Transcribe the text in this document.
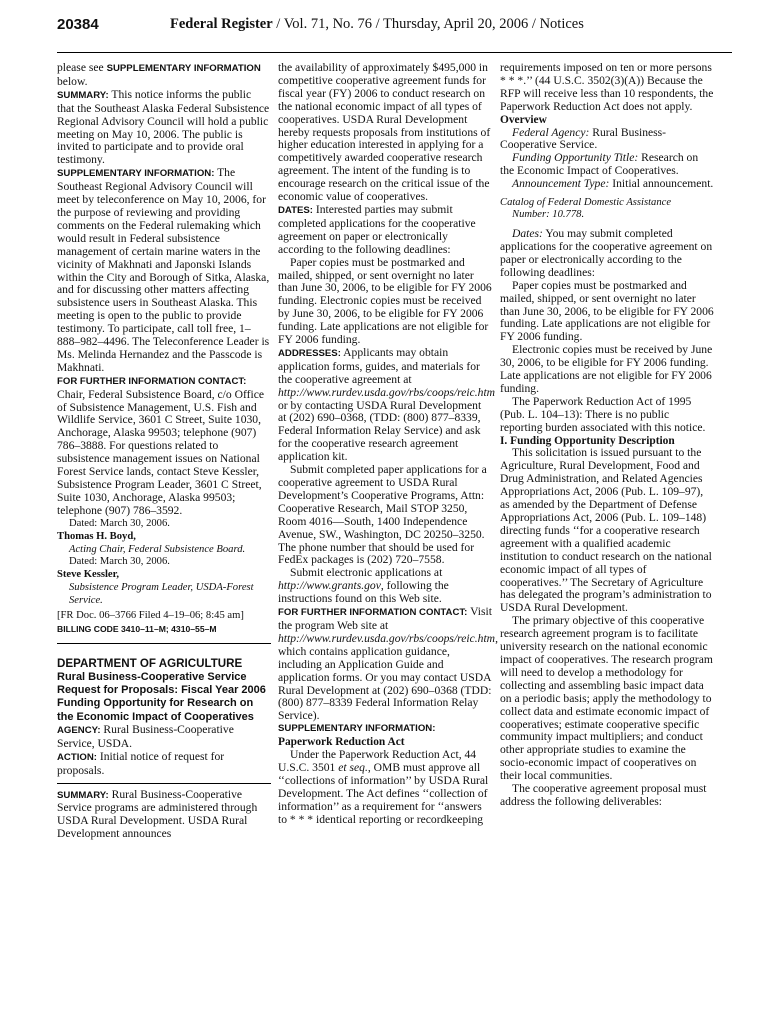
20384	Federal Register / Vol. 71, No. 76 / Thursday, April 20, 2006 / Notices

please see SUPPLEMENTARY INFORMATION below.

SUMMARY: This notice informs the public that the Southeast Alaska Federal Subsistence Regional Advisory Council will hold a public meeting on May 10, 2006. The public is invited to participate and to provide oral testimony.

SUPPLEMENTARY INFORMATION: The Southeast Regional Advisory Council will meet by teleconference on May 10, 2006, for the purpose of reviewing and providing comments on the Federal rulemaking which would result in Federal subsistence management of certain marine waters in the vicinity of Makhnati and Japonski Islands within the City and Borough of Sitka, Alaska, and for discussing other matters affecting subsistence users in Southeast Alaska. This meeting is open to the public to provide testimony. To participate, call toll free, 1–888–982–4496. The Teleconference Leader is Ms. Melinda Hernandez and the Passcode is Makhnati.

FOR FURTHER INFORMATION CONTACT: Chair, Federal Subsistence Board, c/o Office of Subsistence Management, U.S. Fish and Wildlife Service, 3601 C Street, Suite 1030, Anchorage, Alaska 99503; telephone (907) 786–3888. For questions related to subsistence management issues on National Forest Service lands, contact Steve Kessler, Subsistence Program Leader, 3601 C Street, Suite 1030, Anchorage, Alaska 99503; telephone (907) 786–3592.

Dated: March 30, 2006.

Thomas H. Boyd,

Acting Chair, Federal Subsistence Board.

Dated: March 30, 2006.

Steve Kessler,

Subsistence Program Leader, USDA-Forest Service.

[FR Doc. 06–3766 Filed 4–19–06; 8:45 am]

BILLING CODE 3410–11–M; 4310–55–M

DEPARTMENT OF AGRICULTURE

Rural Business-Cooperative Service

Request for Proposals: Fiscal Year 2006 Funding Opportunity for Research on the Economic Impact of Cooperatives

AGENCY: Rural Business-Cooperative Service, USDA.

ACTION: Initial notice of request for proposals.

SUMMARY: Rural Business-Cooperative Service programs are administered through USDA Rural Development. USDA Rural Development announces

the availability of approximately $495,000 in competitive cooperative agreement funds for fiscal year (FY) 2006 to conduct research on the national economic impact of all types of cooperatives. USDA Rural Development hereby requests proposals from institutions of higher education interested in applying for a competitively awarded cooperative research agreement. The intent of the funding is to encourage research on the critical issue of the economic value of cooperatives.

DATES: Interested parties may submit completed applications for the cooperative agreement on paper or electronically according to the following deadlines:

Paper copies must be postmarked and mailed, shipped, or sent overnight no later than June 30, 2006, to be eligible for FY 2006 funding. Electronic copies must be received by June 30, 2006, to be eligible for FY 2006 funding. Late applications are not eligible for FY 2006 funding.

ADDRESSES: Applicants may obtain application forms, guides, and materials for the cooperative agreement at http://www.rurdev.usda.gov/rbs/coops/reic.htm or by contacting USDA Rural Development at (202) 690–0368, (TDD: (800) 877–8339, Federal Information Relay Service) and ask for the cooperative research agreement application kit.

Submit completed paper applications for a cooperative agreement to USDA Rural Development’s Cooperative Programs, Attn: Cooperative Research, Mail STOP 3250, Room 4016—South, 1400 Independence Avenue, SW., Washington, DC 20250–3250. The phone number that should be used for FedEx packages is (202) 720–7558.

Submit electronic applications at http://www.grants.gov, following the instructions found on this Web site.

FOR FURTHER INFORMATION CONTACT: Visit the program Web site at http://www.rurdev.usda.gov/rbs/coops/reic.htm, which contains application guidance, including an Application Guide and application forms. Or you may contact USDA Rural Development at (202) 690–0368 (TDD: (800) 877–8339 Federal Information Relay Service).

SUPPLEMENTARY INFORMATION:

Paperwork Reduction Act

Under the Paperwork Reduction Act, 44 U.S.C. 3501 et seq., OMB must approve all ‘‘collections of information’’ by USDA Rural Development. The Act defines ‘‘collection of information’’ as a requirement for ‘‘answers to * * * identical reporting or recordkeeping

requirements imposed on ten or more persons * * *.’’ (44 U.S.C. 3502(3)(A)) Because the RFP will receive less than 10 respondents, the Paperwork Reduction Act does not apply.

Overview

Federal Agency: Rural Business-Cooperative Service.

Funding Opportunity Title: Research on the Economic Impact of Cooperatives.

Announcement Type: Initial announcement.

Catalog of Federal Domestic Assistance
Number: 10.778.

Dates: You may submit completed applications for the cooperative agreement on paper or electronically according to the following deadlines:

Paper copies must be postmarked and mailed, shipped, or sent overnight no later than June 30, 2006, to be eligible for FY 2006 funding. Late applications are not eligible for FY 2006 funding.

Electronic copies must be received by June 30, 2006, to be eligible for FY 2006 funding. Late applications are not eligible for FY 2006 funding.

The Paperwork Reduction Act of 1995 (Pub. L. 104–13): There is no public reporting burden associated with this notice.

I. Funding Opportunity Description

This solicitation is issued pursuant to the Agriculture, Rural Development, Food and Drug Administration, and Related Agencies Appropriations Act, 2006 (Pub. L. 109–97), as amended by the Department of Defense Appropriations Act, 2006 (Pub. L. 109–148) directing funds ‘‘for a cooperative research agreement with a qualified academic institution to conduct research on the national economic impact of all types of cooperatives.’’ The Secretary of Agriculture has delegated the program’s administration to USDA Rural Development.

The primary objective of this cooperative research agreement program is to facilitate university research on the national economic impact of cooperatives. The research program will need to develop a methodology for collecting and assembling basic impact data on a periodic basis; apply the methodology to collect data and estimate economic impact of cooperatives; estimate cooperative specific community impact multipliers; and conduct other appropriate studies to examine the socio-economic impact of cooperatives on their local communities.

The cooperative agreement proposal must address the following deliverables:
